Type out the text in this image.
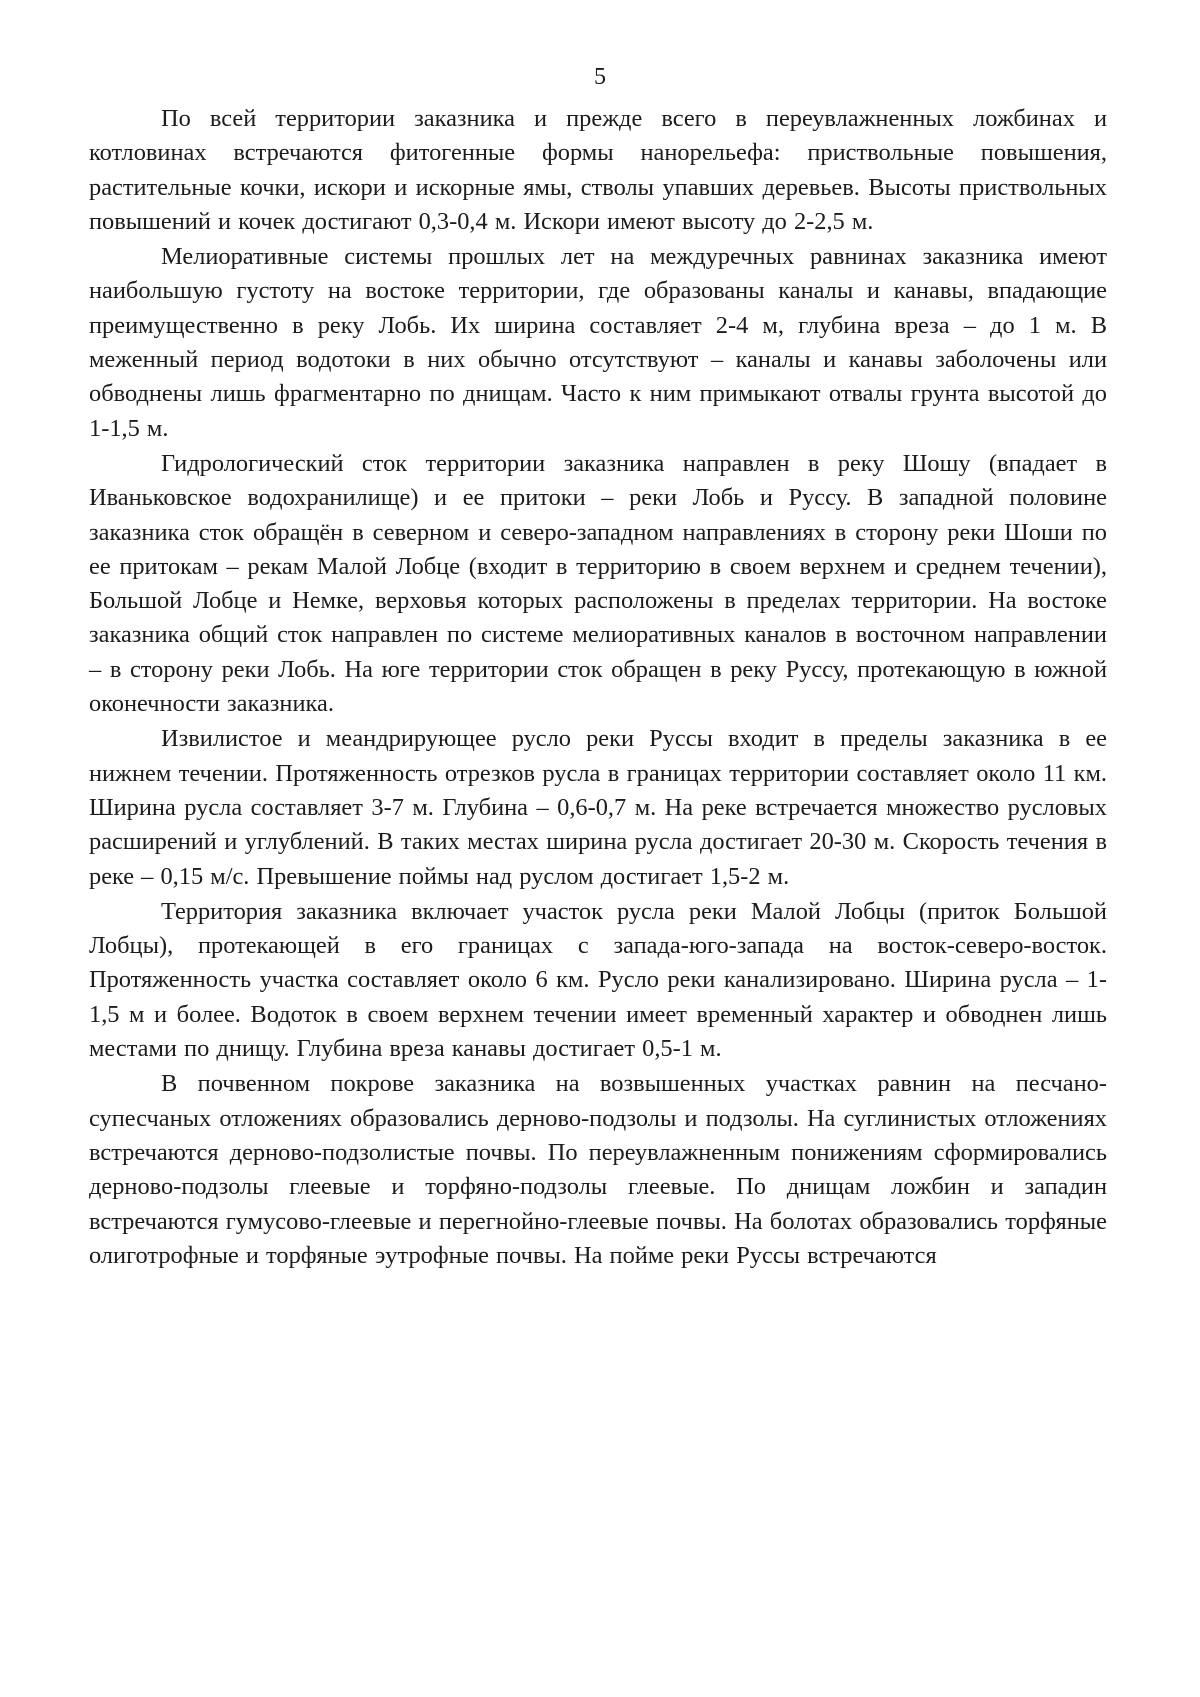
5

По всей территории заказника и прежде всего в переувлажненных ложбинах и котловинах встречаются фитогенные формы нанорельефа: приствольные повышения, растительные кочки, искори и искорные ямы, стволы упавших деревьев. Высоты приствольных повышений и кочек достигают 0,3-0,4 м. Искори имеют высоту до 2-2,5 м.

Мелиоративные системы прошлых лет на междуречных равнинах заказника имеют наибольшую густоту на востоке территории, где образованы каналы и канавы, впадающие преимущественно в реку Лобь. Их ширина составляет 2-4 м, глубина вреза – до 1 м. В меженный период водотоки в них обычно отсутствуют – каналы и канавы заболочены или обводнены лишь фрагментарно по днищам. Часто к ним примыкают отвалы грунта высотой до 1-1,5 м.

Гидрологический сток территории заказника направлен в реку Шошу (впадает в Иваньковское водохранилище) и ее притоки – реки Лобь и Руссу. В западной половине заказника сток обращён в северном и северо-западном направлениях в сторону реки Шоши по ее притокам – рекам Малой Лобце (входит в территорию в своем верхнем и среднем течении), Большой Лобце и Немке, верховья которых расположены в пределах территории. На востоке заказника общий сток направлен по системе мелиоративных каналов в восточном направлении – в сторону реки Лобь. На юге территории сток обращен в реку Руссу, протекающую в южной оконечности заказника.

Извилистое и меандрирующее русло реки Руссы входит в пределы заказника в ее нижнем течении. Протяженность отрезков русла в границах территории составляет около 11 км. Ширина русла составляет 3-7 м. Глубина – 0,6-0,7 м. На реке встречается множество русловых расширений и углублений. В таких местах ширина русла достигает 20-30 м. Скорость течения в реке – 0,15 м/с. Превышение поймы над руслом достигает 1,5-2 м.

Территория заказника включает участок русла реки Малой Лобцы (приток Большой Лобцы), протекающей в его границах с запада-юго-запада на восток-северо-восток. Протяженность участка составляет около 6 км. Русло реки канализировано. Ширина русла – 1-1,5 м и более. Водоток в своем верхнем течении имеет временный характер и обводнен лишь местами по днищу. Глубина вреза канавы достигает 0,5-1 м.

В почвенном покрове заказника на возвышенных участках равнин на песчано-супесчаных отложениях образовались дерново-подзолы и подзолы. На суглинистых отложениях встречаются дерново-подзолистые почвы. По переувлажненным понижениям сформировались дерново-подзолы глеевые и торфяно-подзолы глеевые. По днищам ложбин и западин встречаются гумусово-глеевые и перегнойно-глеевые почвы. На болотах образовались торфяные олиготрофные и торфяные эутрофные почвы. На пойме реки Руссы встречаются
